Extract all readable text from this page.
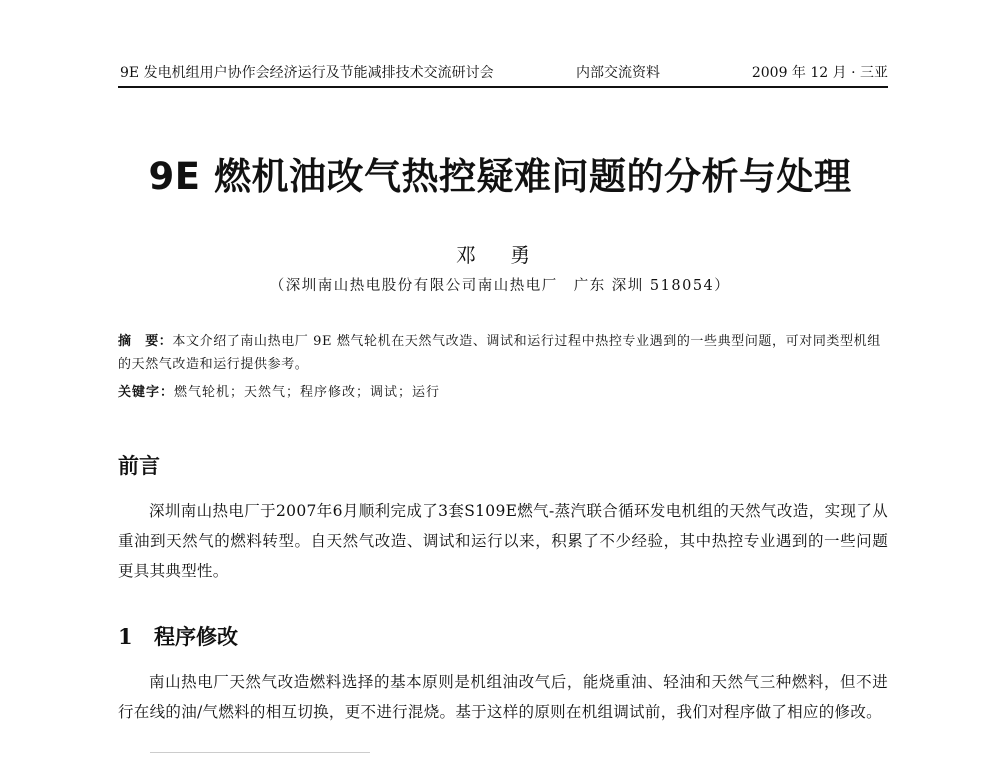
9E 发电机组用户协作会经济运行及节能减排技术交流研讨会	内部交流资料	2009 年 12 月 · 三亚
9E 燃机油改气热控疑难问题的分析与处理
邓 勇
（深圳南山热电股份有限公司南山热电厂　广东 深圳 518054）
摘　要：本文介绍了南山热电厂 9E 燃气轮机在天然气改造、调试和运行过程中热控专业遇到的一些典型问题，可对同类型机组的天然气改造和运行提供参考。
关键字：燃气轮机；天然气；程序修改；调试；运行
前言
深圳南山热电厂于2007年6月顺利完成了3套S109E燃气-蒸汽联合循环发电机组的天然气改造，实现了从重油到天然气的燃料转型。自天然气改造、调试和运行以来，积累了不少经验，其中热控专业遇到的一些问题更具其典型性。
1 程序修改
南山热电厂天然气改造燃料选择的基本原则是机组油改气后，能烧重油、轻油和天然气三种燃料，但不进行在线的油/气燃料的相互切换，更不进行混烧。基于这样的原则在机组调试前，我们对程序做了相应的修改。
